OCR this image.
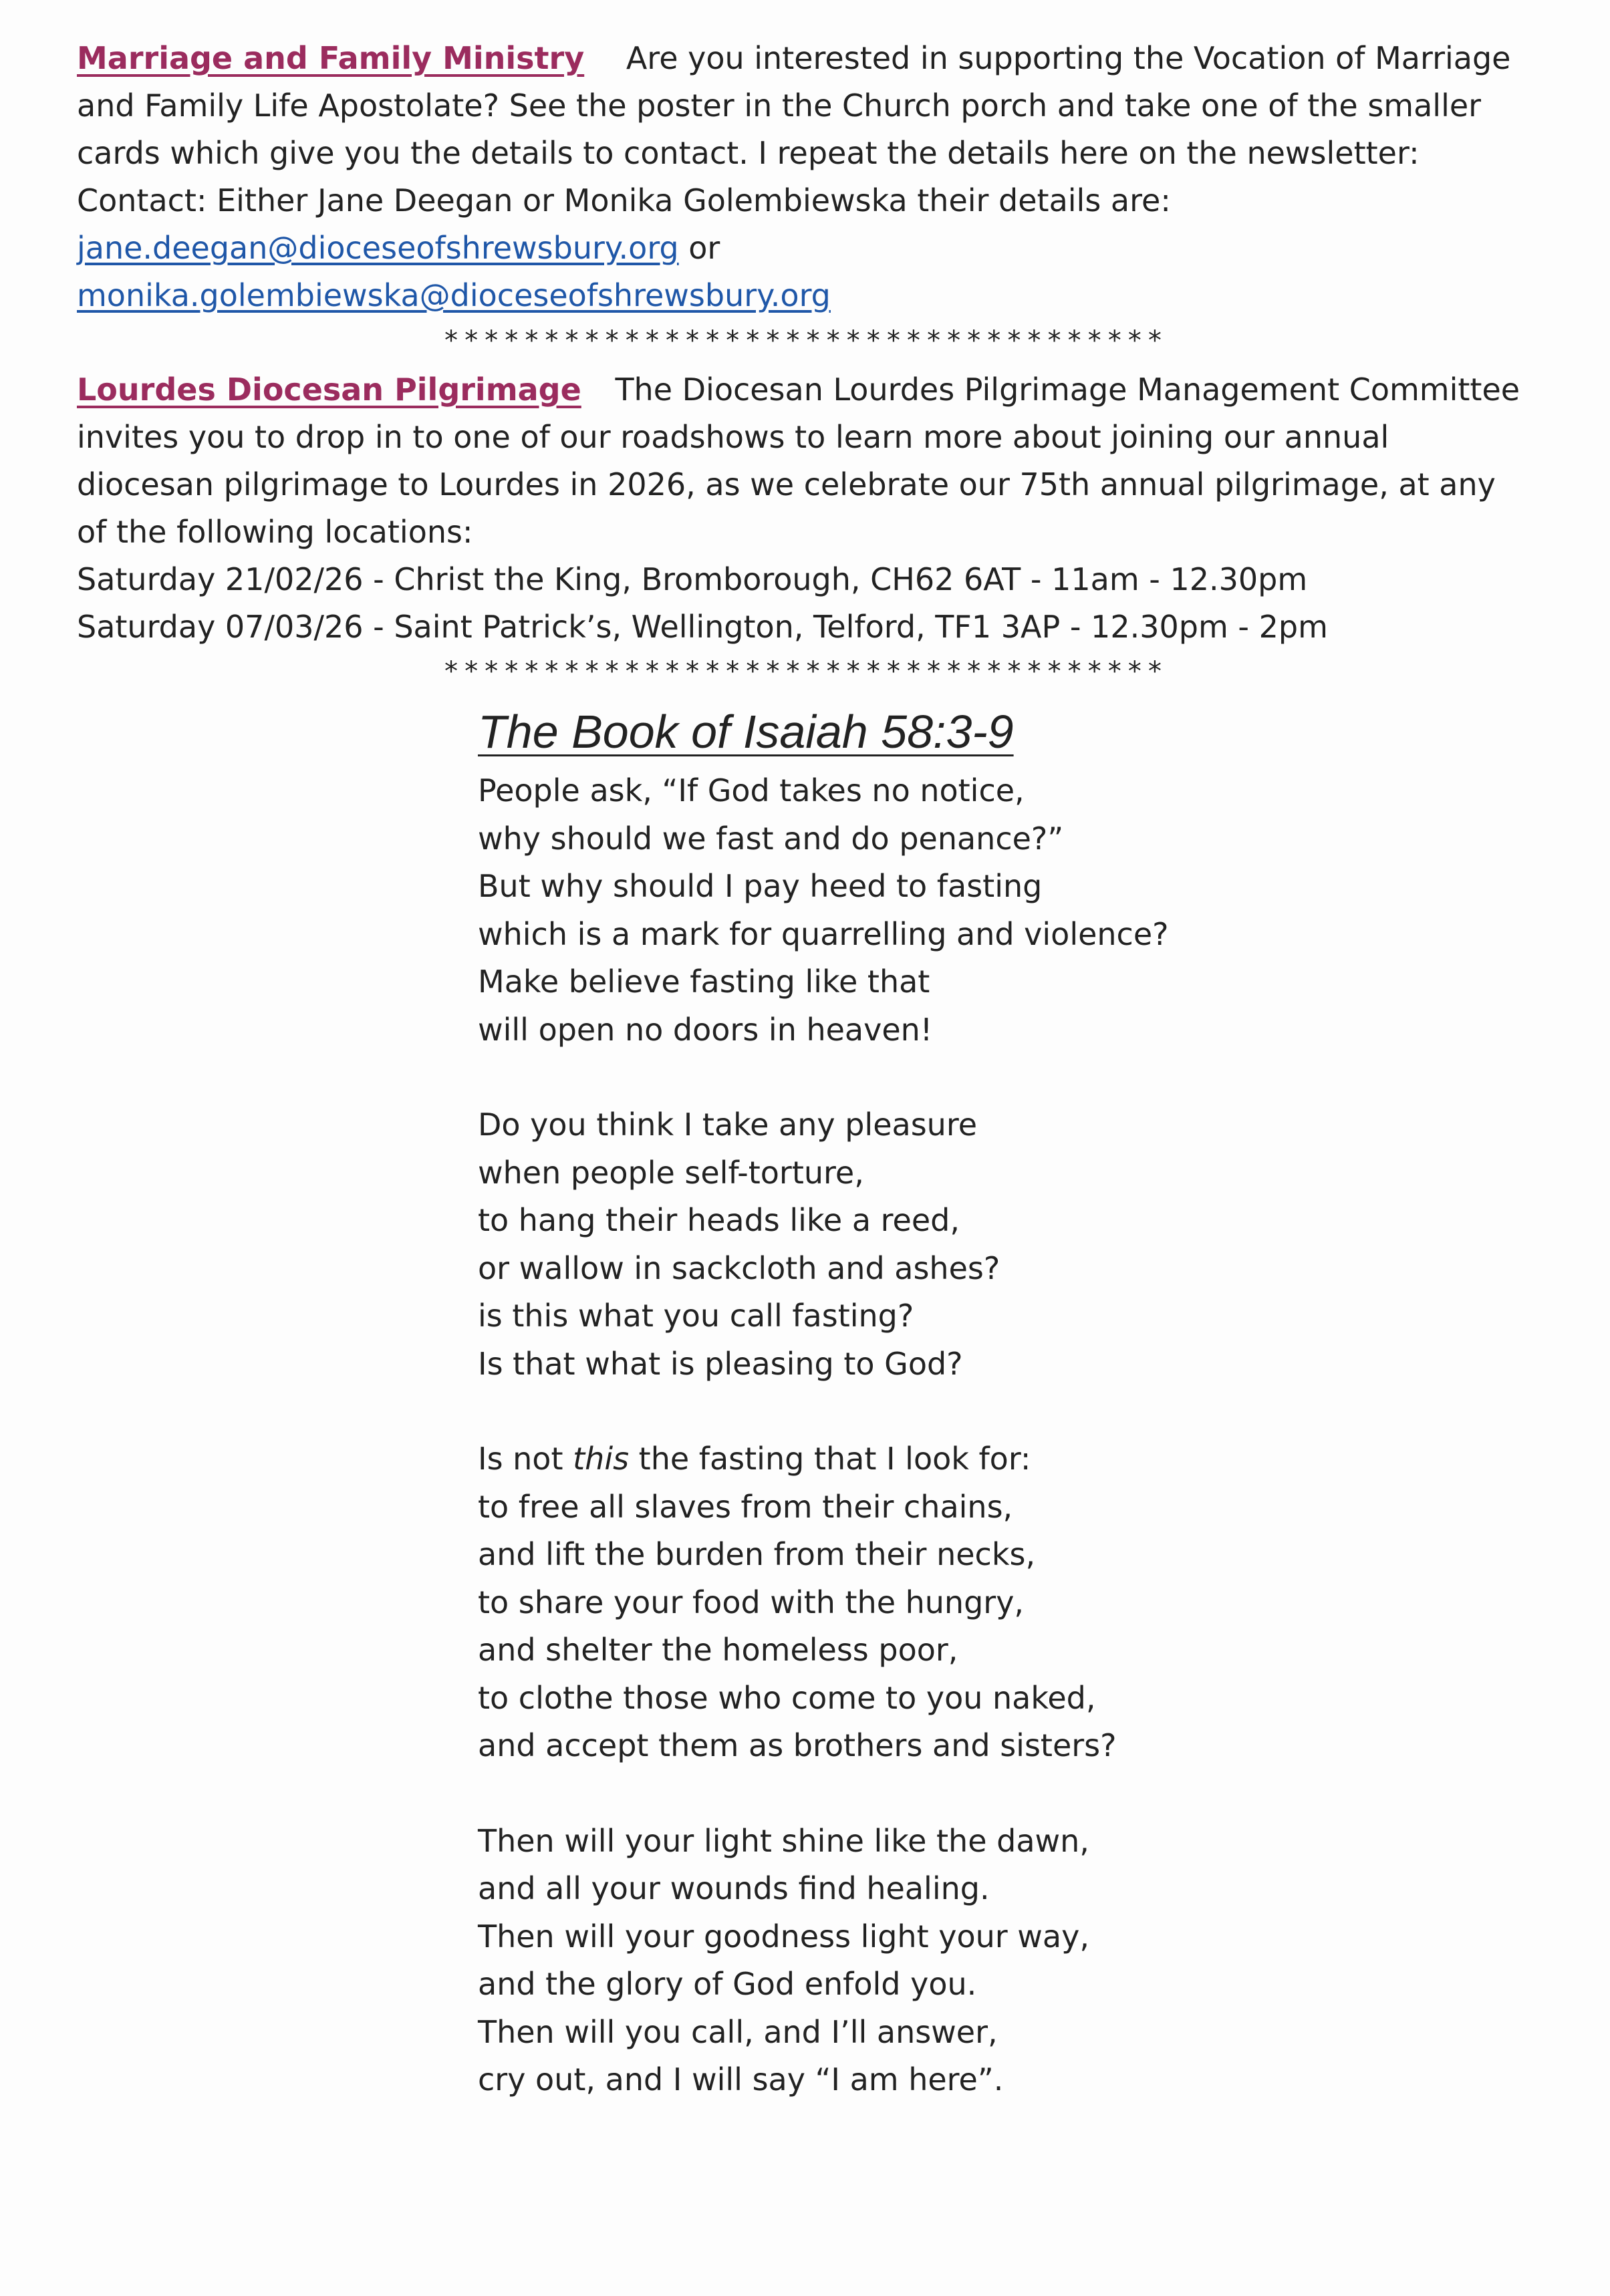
Marriage and Family Ministry Are you interested in supporting the Vocation of Marriage and Family Life Apostolate? See the poster in the Church porch and take one of the smaller cards which give you the details to contact. I repeat the details here on the newsletter: Contact: Either Jane Deegan or Monika Golembiewska their details are:
jane.deegan@dioceseofshrewsbury.org or
monika.golembiewska@dioceseofshrewsbury.org
************************************
Lourdes Diocesan Pilgrimage The Diocesan Lourdes Pilgrimage Management Committee invites you to drop in to one of our roadshows to learn more about joining our annual diocesan pilgrimage to Lourdes in 2026, as we celebrate our 75th annual pilgrimage, at any of the following locations:

Saturday 21/02/26 - Christ the King, Bromborough, CH62 6AT - 11am - 12.30pm
Saturday 07/03/26 - Saint Patrick’s, Wellington, Telford, TF1 3AP - 12.30pm - 2pm
************************************
The Book of Isaiah 58:3-9
People ask, “If God takes no notice,
why should we fast and do penance?”
But why should I pay heed to fasting
which is a mark for quarrelling and violence?
Make believe fasting like that
will open no doors in heaven!
Do you think I take any pleasure
when people self-torture,
to hang their heads like a reed,
or wallow in sackcloth and ashes?
is this what you call fasting?
Is that what is pleasing to God?
Is not this the fasting that I look for:
to free all slaves from their chains,
and lift the burden from their necks,
to share your food with the hungry,
and shelter the homeless poor,
to clothe those who come to you naked,
and accept them as brothers and sisters?
Then will your light shine like the dawn,
and all your wounds find healing.
Then will your goodness light your way,
and the glory of God enfold you.
Then will you call, and I’ll answer,
cry out, and I will say “I am here”.
